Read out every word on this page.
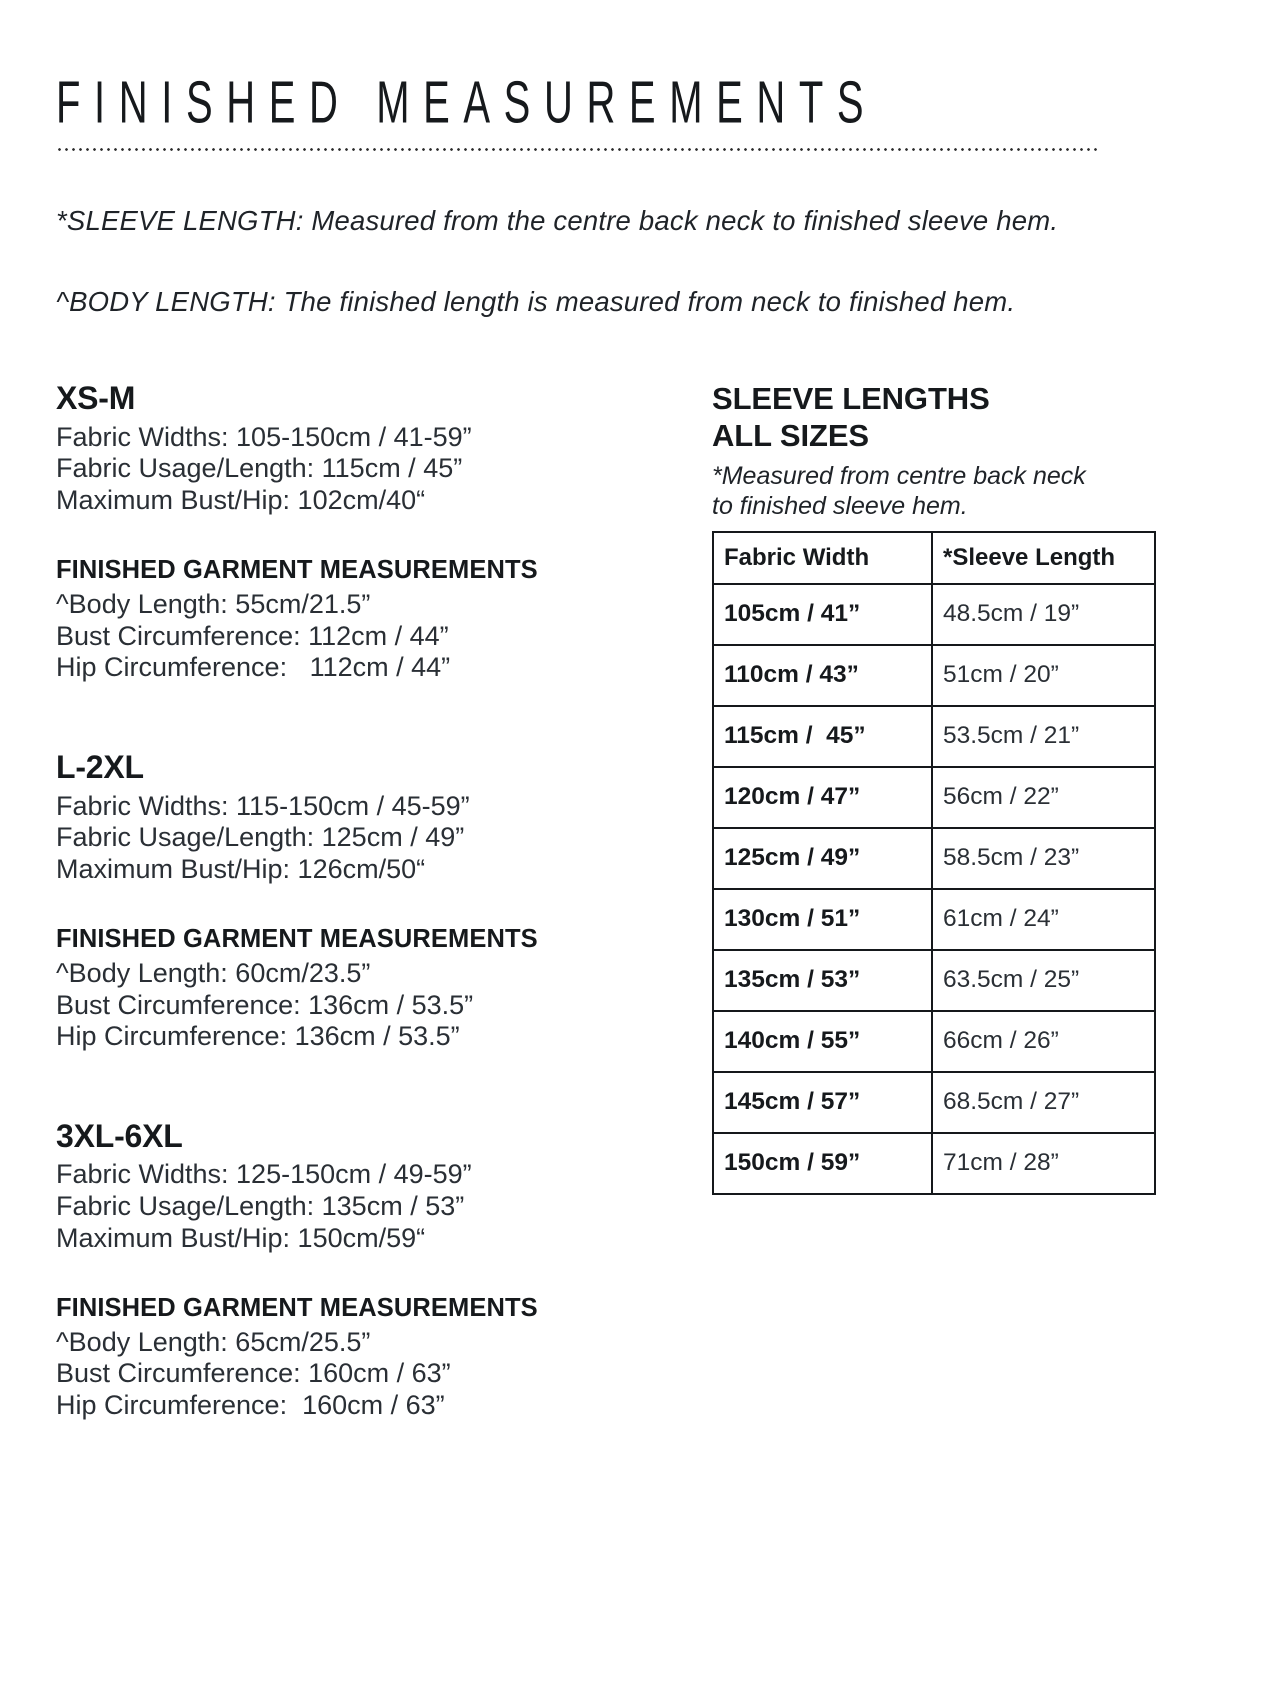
FINISHED MEASUREMENTS

*SLEEVE LENGTH: Measured from the centre back neck to finished sleeve hem.

^BODY LENGTH: The finished length is measured from neck to finished hem.

XS-M
Fabric Widths: 105-150cm / 41-59”
Fabric Usage/Length: 115cm / 45”
Maximum Bust/Hip: 102cm/40“
FINISHED GARMENT MEASUREMENTS
^Body Length: 55cm/21.5”
Bust Circumference: 112cm / 44”
Hip Circumference:   112cm / 44”
L-2XL
Fabric Widths: 115-150cm / 45-59”
Fabric Usage/Length: 125cm / 49”
Maximum Bust/Hip: 126cm/50“
FINISHED GARMENT MEASUREMENTS
^Body Length: 60cm/23.5”
Bust Circumference: 136cm / 53.5”
Hip Circumference: 136cm / 53.5”
3XL-6XL
Fabric Widths: 125-150cm / 49-59”
Fabric Usage/Length: 135cm / 53”
Maximum Bust/Hip: 150cm/59“
FINISHED GARMENT MEASUREMENTS
^Body Length: 65cm/25.5”
Bust Circumference: 160cm / 63”
Hip Circumference:  160cm / 63”
SLEEVE LENGTHS
ALL SIZES
*Measured from centre back neck to finished sleeve hem.
Fabric Width	*Sleeve Length
105cm / 41”	48.5cm / 19”
110cm / 43”	51cm / 20”
115cm /  45”	53.5cm / 21”
120cm / 47”	56cm / 22”
125cm / 49”	58.5cm / 23”
130cm / 51”	61cm / 24”
135cm / 53”	63.5cm / 25”
140cm / 55”	66cm / 26”
145cm / 57”	68.5cm / 27”
150cm / 59”	71cm / 28”
